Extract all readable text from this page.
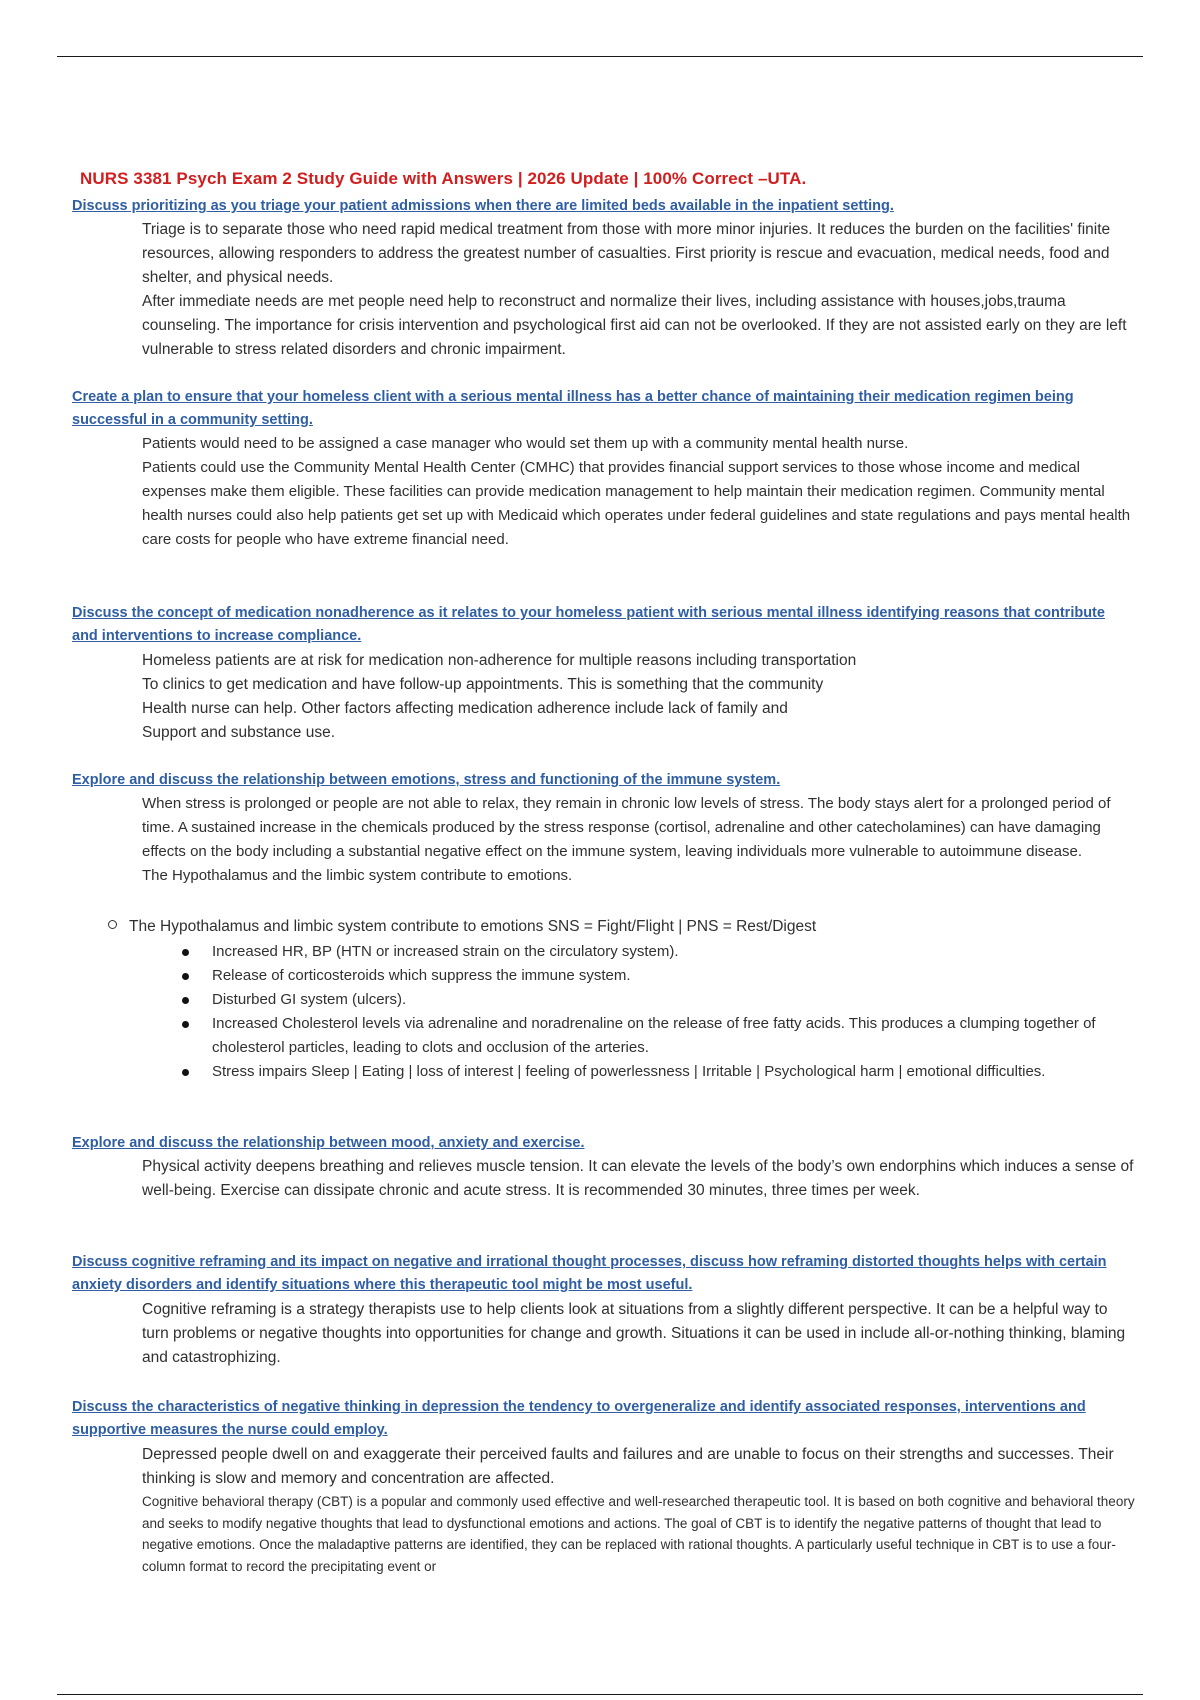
NURS 3381 Psych Exam 2 Study Guide with Answers | 2026 Update | 100% Correct –UTA.
Discuss prioritizing as you triage your patient admissions when there are limited beds available in the inpatient setting.

Triage is to separate those who need rapid medical treatment from those with more minor injuries. It reduces the burden on the facilities' finite resources, allowing responders to address the greatest number of casualties. First priority is rescue and evacuation, medical needs, food and shelter, and physical needs.

After immediate needs are met people need help to reconstruct and normalize their lives, including assistance with houses,jobs,trauma counseling. The importance for crisis intervention and psychological first aid can not be overlooked. If they are not assisted early on they are left vulnerable to stress related disorders and chronic impairment.

Create a plan to ensure that your homeless client with a serious mental illness has a better chance of maintaining their medication regimen being successful in a community setting.

Patients would need to be assigned a case manager who would set them up with a community mental health nurse.

Patients could use the Community Mental Health Center (CMHC) that provides financial support services to those whose income and medical expenses make them eligible. These facilities can provide medication management to help maintain their medication regimen. Community mental health nurses could also help patients get set up with Medicaid which operates under federal guidelines and state regulations and pays mental health care costs for people who have extreme financial need.

Discuss the concept of medication nonadherence as it relates to your homeless patient with serious mental illness identifying reasons that contribute and interventions to increase compliance.

Homeless patients are at risk for medication non-adherence for multiple reasons including transportation

To clinics to get medication and have follow-up appointments. This is something that the community

Health nurse can help. Other factors affecting medication adherence include lack of family and

Support and substance use.

Explore and discuss the relationship between emotions, stress and functioning of the immune system.

When stress is prolonged or people are not able to relax, they remain in chronic low levels of stress. The body stays alert for a prolonged period of time. A sustained increase in the chemicals produced by the stress response (cortisol, adrenaline and other catecholamines) can have damaging effects on the body including a substantial negative effect on the immune system, leaving individuals more vulnerable to autoimmune disease.

The Hypothalamus and the limbic system contribute to emotions.

The Hypothalamus and limbic system contribute to emotions SNS = Fight/Flight | PNS = Rest/Digest
Increased HR, BP (HTN or increased strain on the circulatory system).
Release of corticosteroids which suppress the immune system.
Disturbed GI system (ulcers).
Increased Cholesterol levels via adrenaline and noradrenaline on the release of free fatty acids. This produces a clumping together of cholesterol particles, leading to clots and occlusion of the arteries.
Stress impairs Sleep | Eating | loss of interest | feeling of powerlessness | Irritable | Psychological harm | emotional difficulties.
Explore and discuss the relationship between mood, anxiety and exercise.

Physical activity deepens breathing and relieves muscle tension. It can elevate the levels of the body’s own endorphins which induces a sense of well-being. Exercise can dissipate chronic and acute stress. It is recommended 30 minutes, three times per week.

Discuss cognitive reframing and its impact on negative and irrational thought processes, discuss how reframing distorted thoughts helps with certain anxiety disorders and identify situations where this therapeutic tool might be most useful.

Cognitive reframing is a strategy therapists use to help clients look at situations from a slightly different perspective. It can be a helpful way to turn problems or negative thoughts into opportunities for change and growth. Situations it can be used in include all-or-nothing thinking, blaming and catastrophizing.

Discuss the characteristics of negative thinking in depression the tendency to overgeneralize and identify associated responses, interventions and supportive measures the nurse could employ.

Depressed people dwell on and exaggerate their perceived faults and failures and are unable to focus on their strengths and successes. Their thinking is slow and memory and concentration are affected.

Cognitive behavioral therapy (CBT) is a popular and commonly used effective and well-researched therapeutic tool. It is based on both cognitive and behavioral theory and seeks to modify negative thoughts that lead to dysfunctional emotions and actions. The goal of CBT is to identify the negative patterns of thought that lead to negative emotions. Once the maladaptive patterns are identified, they can be replaced with rational thoughts. A particularly useful technique in CBT is to use a four-column format to record the precipitating event or
